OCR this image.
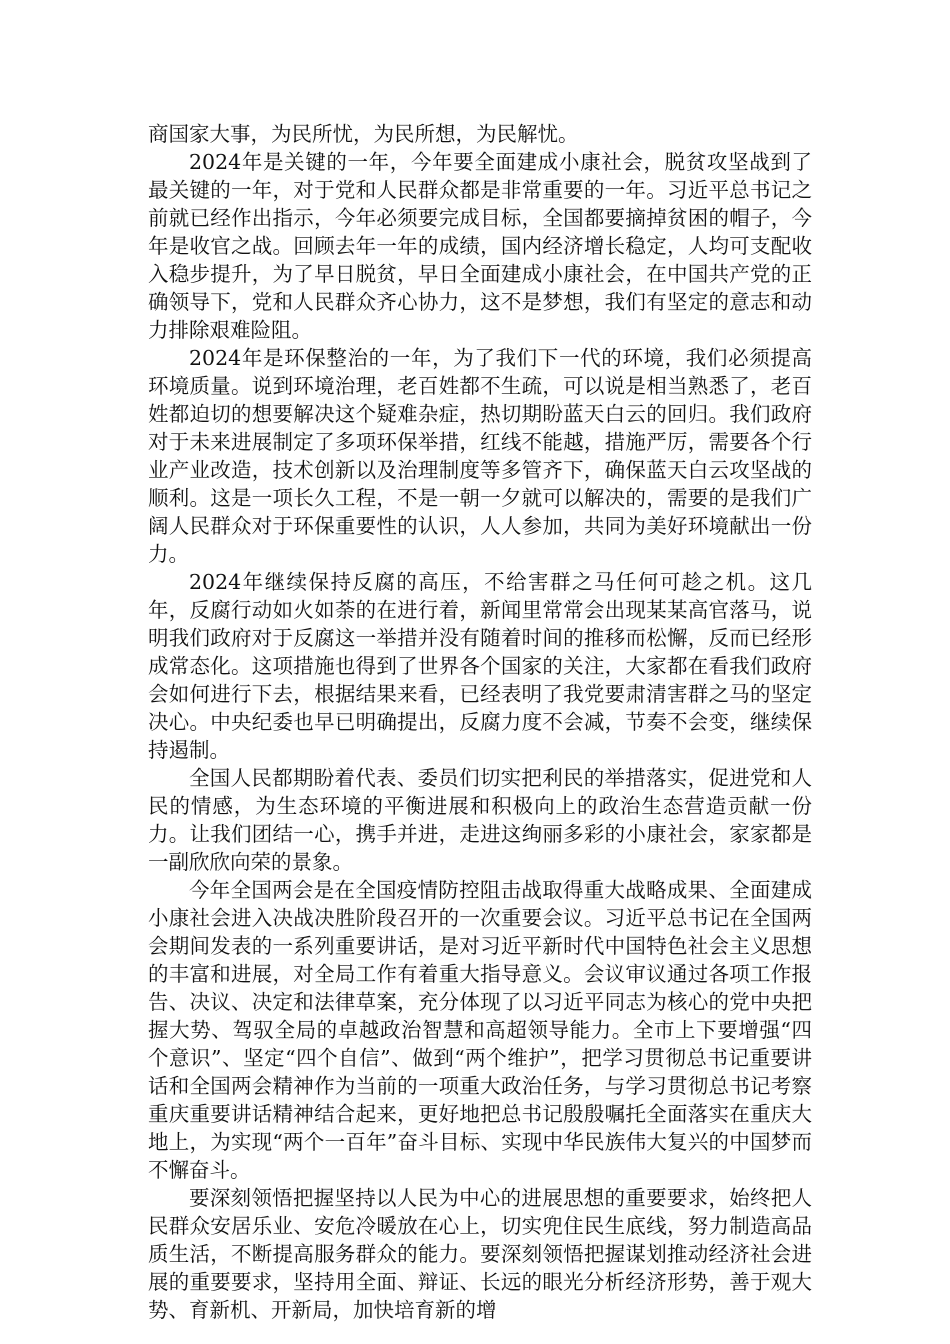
商国家大事，为民所忧，为民所想，为民解忧。

2024年是关键的一年，今年要全面建成小康社会，脱贫攻坚战到了最关键的一年，对于党和人民群众都是非常重要的一年。习近平总书记之前就已经作出指示，今年必须要完成目标，全国都要摘掉贫困的帽子，今年是收官之战。回顾去年一年的成绩，国内经济增长稳定，人均可支配收入稳步提升，为了早日脱贫，早日全面建成小康社会，在中国共产党的正确领导下，党和人民群众齐心协力，这不是梦想，我们有坚定的意志和动力排除艰难险阻。

2024年是环保整治的一年，为了我们下一代的环境，我们必须提高环境质量。说到环境治理，老百姓都不生疏，可以说是相当熟悉了，老百姓都迫切的想要解决这个疑难杂症，热切期盼蓝天白云的回归。我们政府对于未来进展制定了多项环保举措，红线不能越，措施严厉，需要各个行业产业改造，技术创新以及治理制度等多管齐下，确保蓝天白云攻坚战的顺利。这是一项长久工程，不是一朝一夕就可以解决的，需要的是我们广阔人民群众对于环保重要性的认识，人人参加，共同为美好环境献出一份力。

2024年继续保持反腐的高压，不给害群之马任何可趁之机。这几年，反腐行动如火如荼的在进行着，新闻里常常会出现某某高官落马，说明我们政府对于反腐这一举措并没有随着时间的推移而松懈，反而已经形成常态化。这项措施也得到了世界各个国家的关注，大家都在看我们政府会如何进行下去，根据结果来看，已经表明了我党要肃清害群之马的坚定决心。中央纪委也早已明确提出，反腐力度不会减，节奏不会变，继续保持遏制。

全国人民都期盼着代表、委员们切实把利民的举措落实，促进党和人民的情感，为生态环境的平衡进展和积极向上的政治生态营造贡献一份力。让我们团结一心，携手并进，走进这绚丽多彩的小康社会，家家都是一副欣欣向荣的景象。

今年全国两会是在全国疫情防控阻击战取得重大战略成果、全面建成小康社会进入决战决胜阶段召开的一次重要会议。习近平总书记在全国两会期间发表的一系列重要讲话，是对习近平新时代中国特色社会主义思想的丰富和进展，对全局工作有着重大指导意义。会议审议通过各项工作报告、决议、决定和法律草案，充分体现了以习近平同志为核心的党中央把握大势、驾驭全局的卓越政治智慧和高超领导能力。全市上下要增强“四个意识”、坚定“四个自信”、做到“两个维护”，把学习贯彻总书记重要讲话和全国两会精神作为当前的一项重大政治任务，与学习贯彻总书记考察重庆重要讲话精神结合起来，更好地把总书记殷殷嘱托全面落实在重庆大地上，为实现“两个一百年”奋斗目标、实现中华民族伟大复兴的中国梦而不懈奋斗。

要深刻领悟把握坚持以人民为中心的进展思想的重要要求，始终把人民群众安居乐业、安危冷暖放在心上，切实兜住民生底线，努力制造高品质生活，不断提高服务群众的能力。要深刻领悟把握谋划推动经济社会进展的重要要求，坚持用全面、辩证、长远的眼光分析经济形势，善于观大势、育新机、开新局，加快培育新的增
